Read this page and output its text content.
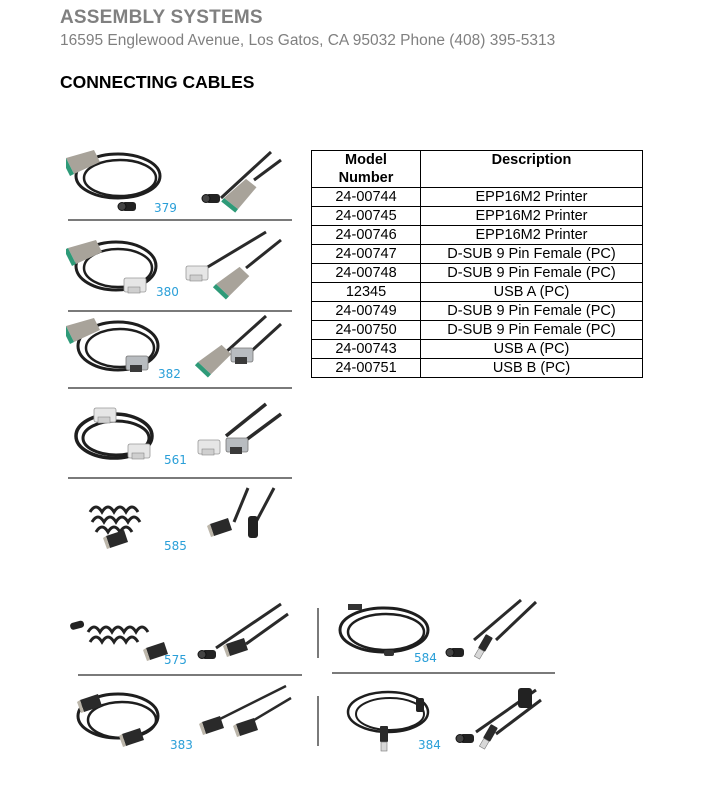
ASSEMBLY SYSTEMS
16595 Englewood Avenue, Los Gatos, CA 95032 Phone (408) 395-5313
CONNECTING CABLES
379
380
382
561
585
575
383
584
384
Model
Number	Description
24-00744	EPP16M2 Printer
24-00745	EPP16M2 Printer
24-00746	EPP16M2 Printer
24-00747	D-SUB 9 Pin Female (PC)
24-00748	D-SUB 9 Pin Female (PC)
12345	USB A (PC)
24-00749	D-SUB 9 Pin Female (PC)
24-00750	D-SUB 9 Pin Female (PC)
24-00743	USB A (PC)
24-00751	USB B (PC)
